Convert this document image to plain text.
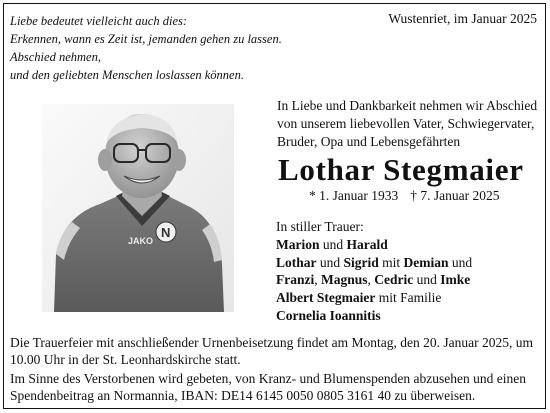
Liebe bedeutet vielleicht auch dies:
Erkennen, wann es Zeit ist, jemanden gehen zu lassen.
Abschied nehmen,
und den geliebten Menschen loslassen können.
Wustenriet, im Januar 2025
JAKO
N
In Liebe und Dankbarkeit nehmen wir Abschied
von unserem liebevollen Vater, Schwiegervater,
Bruder, Opa und Lebensgefährten
Lothar Stegmaier
* 1. Januar 1933 † 7. Januar 2025
In stiller Trauer:
Marion und Harald
Lothar und Sigrid mit Demian und
Franzi, Magnus, Cedric und Imke
Albert Stegmaier mit Familie
Cornelia Ioannitis
Die Trauerfeier mit anschließender Urnenbeisetzung findet am Montag, den 20. Januar 2025, um 10.00 Uhr in der St. Leonhardskirche statt.
Im Sinne des Verstorbenen wird gebeten, von Kranz- und Blumenspenden abzusehen und einen Spendenbeitrag an Normannia, IBAN: DE14 6145 0050 0805 3161 40 zu überweisen.
